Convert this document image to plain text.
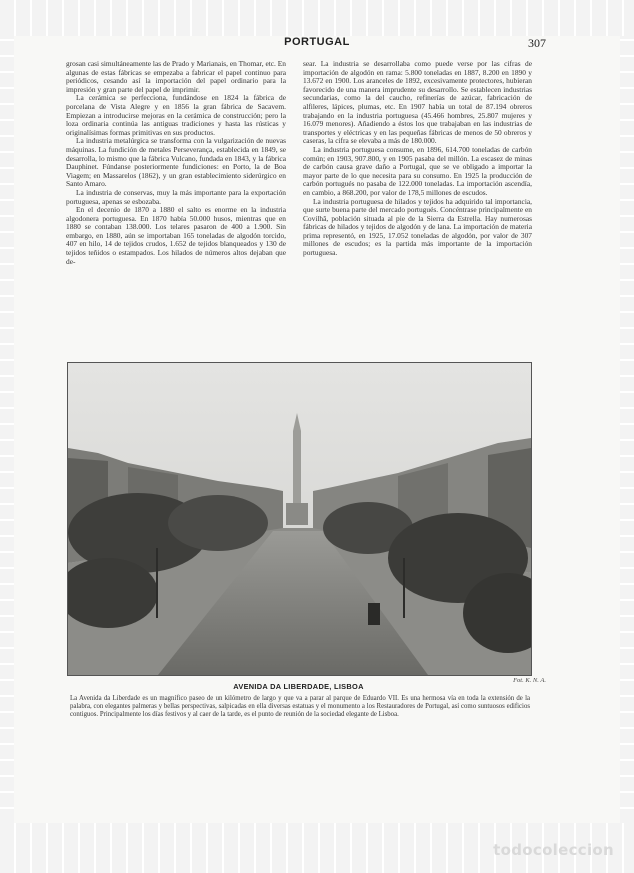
PORTUGAL	307

grosan casi simultáneamente las de Prado y Marianais, en Thomar, etc. En algunas de estas fábricas se empezaba a fabricar el papel continuo para periódicos, cesando así la importación del papel ordinario para la impresión y gran parte del papel de imprimir.

La cerámica se perfecciona, fundándose en 1824 la fábrica de porcelana de Vista Alegre y en 1856 la gran fábrica de Sacavem. Empiezan a introducirse mejoras en la cerámica de construcción; pero la loza ordinaria continúa las antiguas tradiciones y hasta las rústicas y originalísimas formas primitivas en sus productos.

La industria metalúrgica se transforma con la vulgarización de nuevas máquinas. La fundición de metales Perseverança, establecida en 1849, se desarrolla, lo mismo que la fábrica Vulcano, fundada en 1843, y la fábrica Dauphinet. Fúndanse posteriormente fundiciones: en Porto, la de Boa Viagem; en Massarelos (1862), y un gran establecimiento siderúrgico en Santo Amaro.

La industria de conservas, muy la más importante para la exportación portuguesa, apenas se esbozaba.

En el decenio de 1870 a 1880 el salto es enorme en la industria algodonera portuguesa. En 1870 había 50.000 husos, mientras que en 1880 se contaban 138.000. Los telares pasaron de 400 a 1.900. Sin embargo, en 1880, aún se importaban 165 toneladas de algodón torcido, 407 en hilo, 14 de tejidos crudos, 1.652 de tejidos blanqueados y 130 de tejidos teñidos o estampados. Los hilados de números altos dejaban que de-

sear. La industria se desarrollaba como puede verse por las cifras de importación de algodón en rama: 5.800 toneladas en 1887, 8.200 en 1890 y 13.672 en 1900. Los aranceles de 1892, excesivamente protectores, hubieran favorecido de una manera imprudente su desarrollo. Se establecen industrias secundarias, como la del caucho, refinerías de azúcar, fabricación de alfileres, lápices, plumas, etc. En 1907 había un total de 87.194 obreros trabajando en la industria portuguesa (45.466 hombres, 25.807 mujeres y 16.079 menores). Añadiendo a éstos los que trabajaban en las industrias de transportes y eléctricas y en las pequeñas fábricas de menos de 50 obreros y caseras, la cifra se elevaba a más de 180.000.

La industria portuguesa consume, en 1896, 614.700 toneladas de carbón común; en 1903, 907.800, y en 1905 pasaba del millón. La escasez de minas de carbón causa grave daño a Portugal, que se ve obligado a importar la mayor parte de lo que necesita para su consumo. En 1925 la producción de carbón portugués no pasaba de 122.000 toneladas. La importación ascendía, en cambio, a 868.200, por valor de 178,5 millones de escudos.

La industria portuguesa de hilados y tejidos ha adquirido tal importancia, que surte buena parte del mercado portugués. Concéntrase principalmente en Covilhã, población situada al pie de la Sierra da Estrella. Hay numerosas fábricas de hilados y tejidos de algodón y de lana. La importación de materia prima representó, en 1925, 17.052 toneladas de algodón, por valor de 307 millones de escudos; es la partida más importante de la importación portuguesa.

Fot. K. N. A.
AVENIDA DA LIBERDADE, LISBOA
La Avenida da Liberdade es un magnífico paseo de un kilómetro de largo y que va a parar al parque de Eduardo VII. Es una hermosa vía en toda la extensión de la palabra, con elegantes palmeras y bellas perspectivas, salpicadas en ella diversas estatuas y el monumento a los Restauradores de Portugal, así como suntuosos edificios contiguos. Principalmente los días festivos y al caer de la tarde, es el punto de reunión de la sociedad elegante de Lisboa.
todocoleccion
